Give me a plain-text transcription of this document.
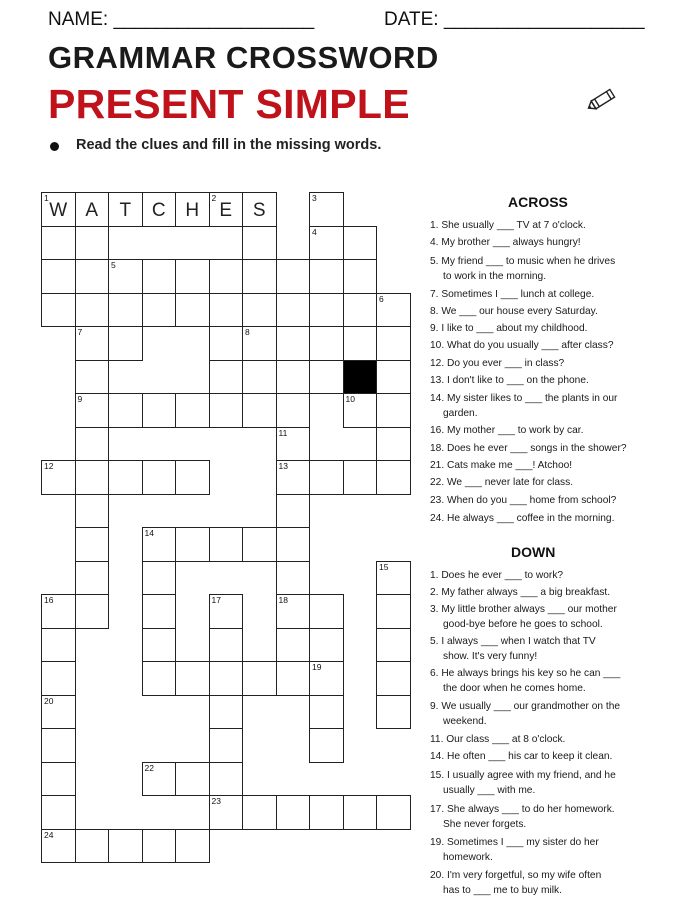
NAME: ___________________	DATE: ___________________
GRAMMAR CROSSWORD
PRESENT SIMPLE
Read the clues and fill in the missing words.
1
W A	T	C	H
2
E	S
3
4
5
6
7	8
9	10
11
12	13
14
15
16	17	18
19
20
22
23
24
ACROSS
1. She usually ___ TV at 7 o'clock.
4. My brother ___ always hungry!
5. My friend ___ to music when he drives
to work in the morning.
7. Sometimes I ___ lunch at college.
8. We ___ our house every Saturday.
9. I like to ___ about my childhood.
10. What do you usually ___ after class?
12. Do you ever ___ in class?
13. I don't like to ___ on the phone.
14. My sister likes to ___ the plants in our
garden.
16. My mother ___ to work by car.
18. Does he ever ___ songs in the shower?
21. Cats make me ___! Atchoo!
22. We ___ never late for class.
23. When do you ___ home from school?
24. He always ___ coffee in the morning.
DOWN
1. Does he ever ___ to work?
2. My father always ___ a big breakfast.
3. My little brother always ___ our mother
good-bye before he goes to school.
5. I always ___ when I watch that TV
show. It's very funny!
6. He always brings his key so he can ___
the door when he comes home.
9. We usually ___ our grandmother on the
weekend.
11. Our class ___ at 8 o'clock.
14. He often ___ his car to keep it clean.
15. I usually agree with my friend, and he
usually ___ with me.
17. She always ___ to do her homework.
She never forgets.
19. Sometimes I ___ my sister do her
homework.
20. I'm very forgetful, so my wife often
has to ___ me to buy milk.
